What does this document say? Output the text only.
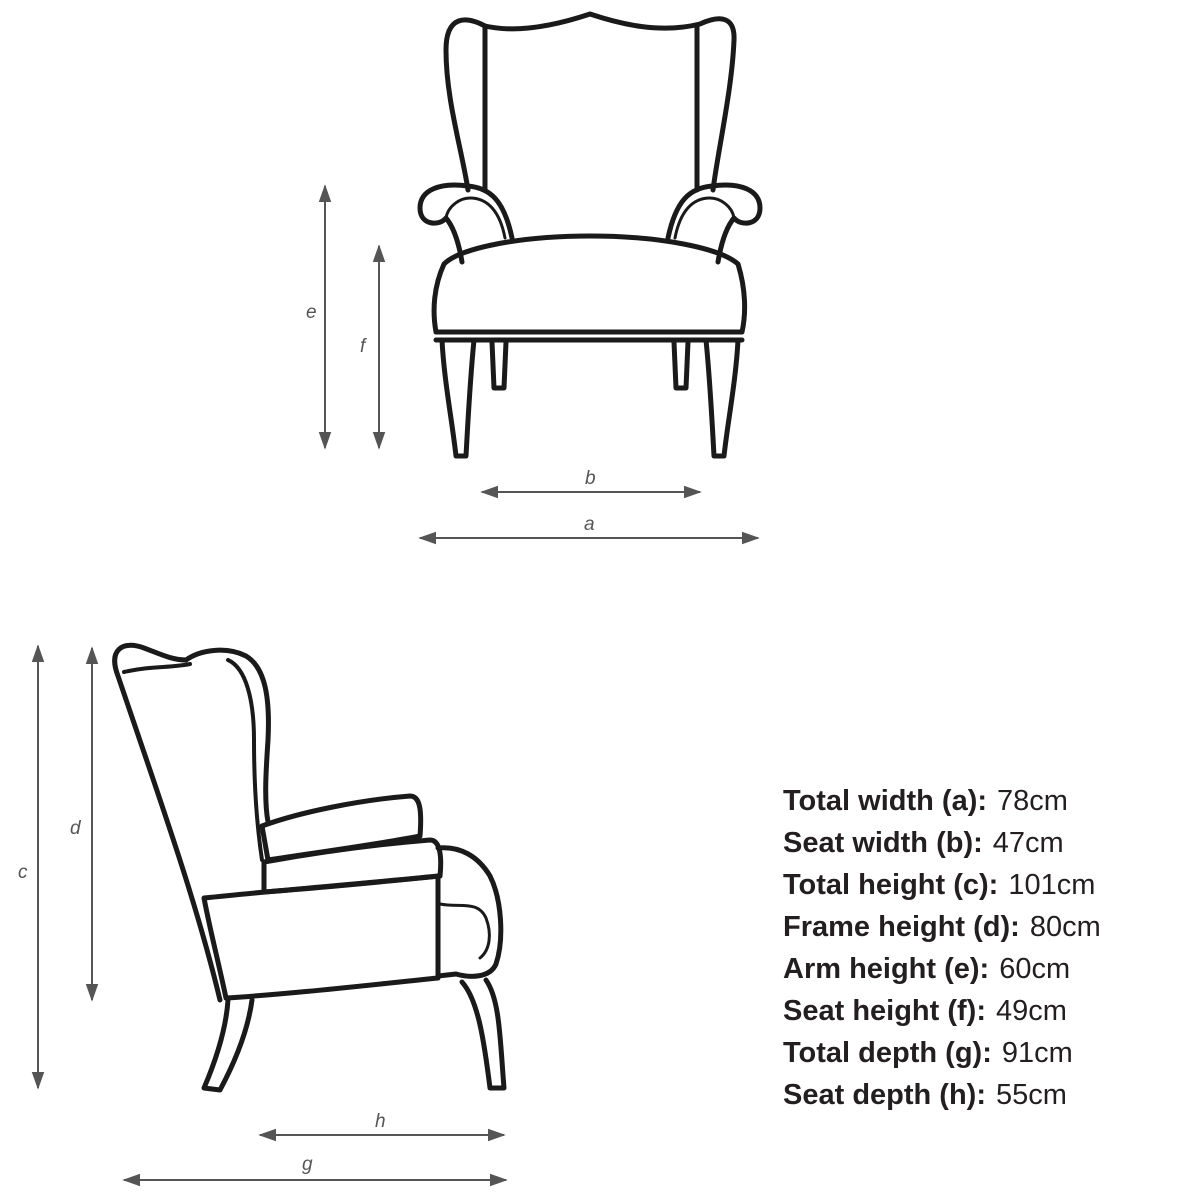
e
f
b
a
c
d
h
g
Total width (a): 78cm
Seat width (b): 47cm
Total height (c): 101cm
Frame height (d): 80cm
Arm height (e): 60cm
Seat height (f): 49cm
Total depth (g): 91cm
Seat depth (h): 55cm
